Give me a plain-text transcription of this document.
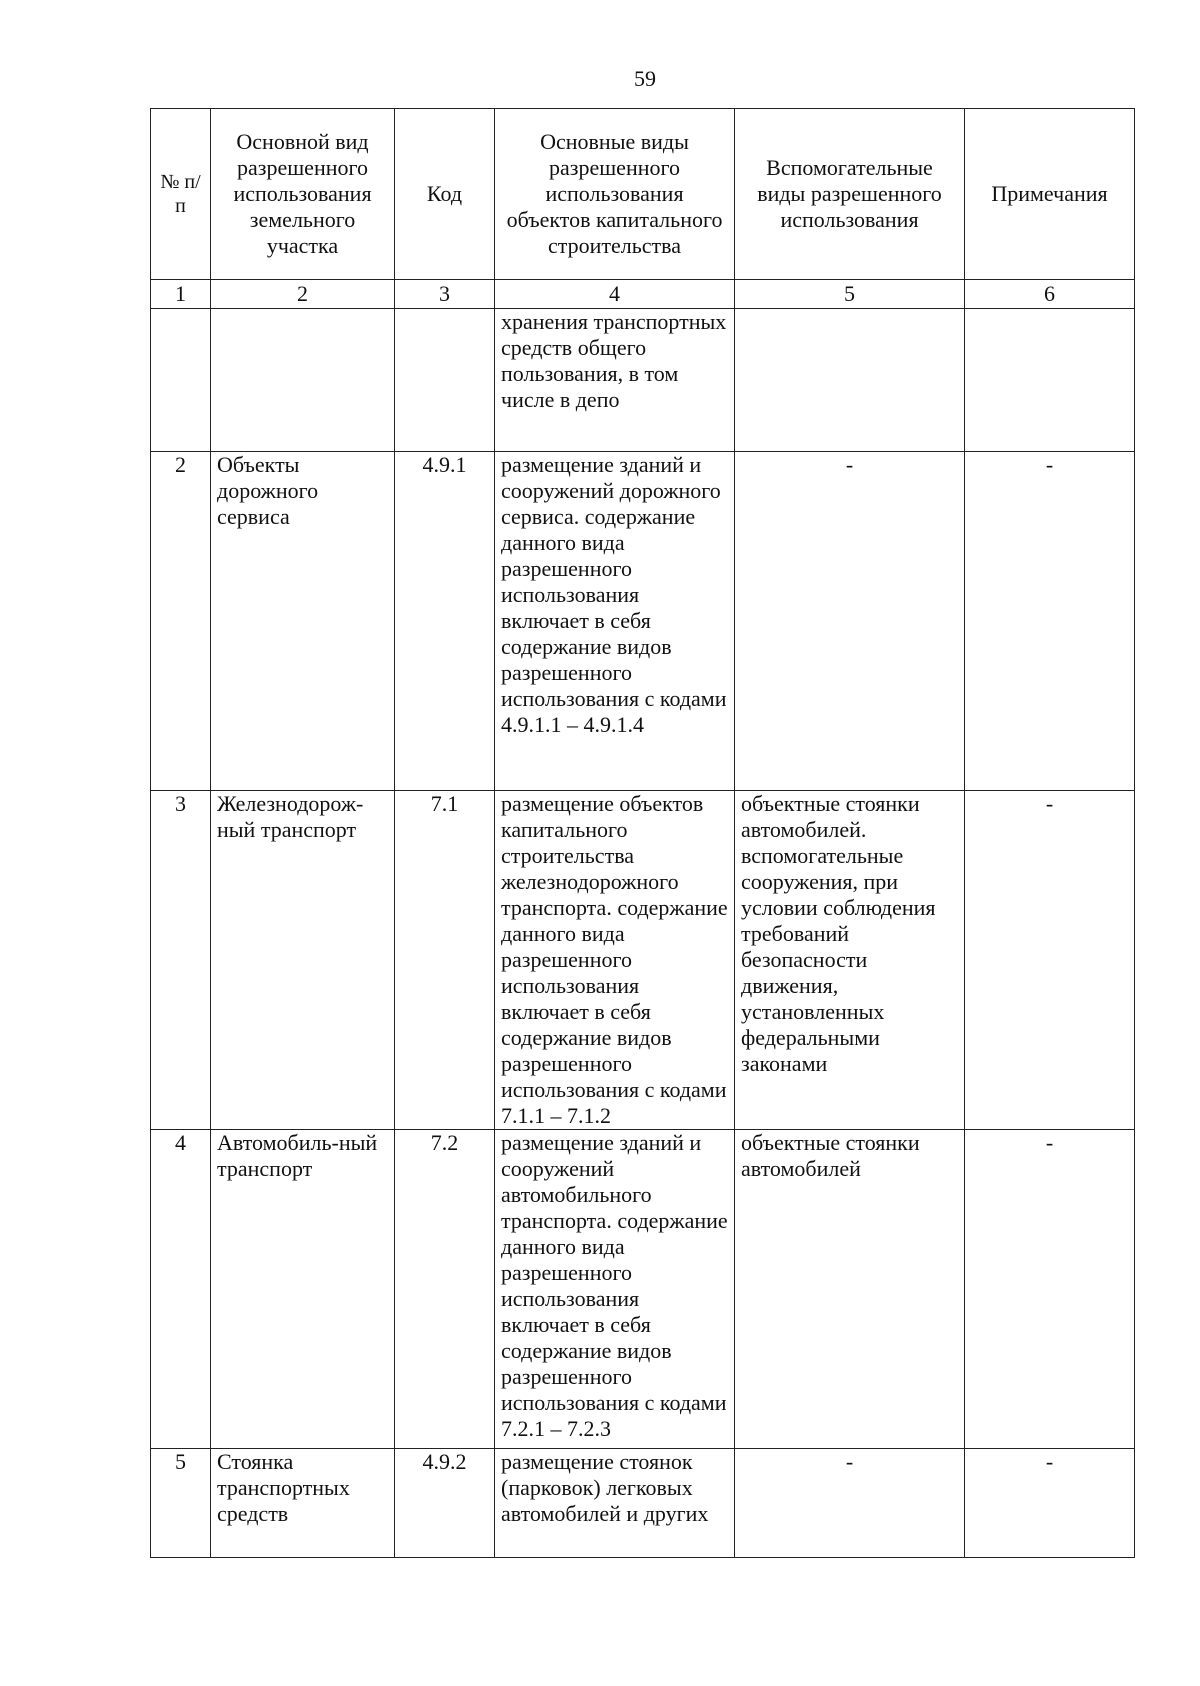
59
№ п/п	Основной вид разрешенного использования земельного участка	Код	Основные виды разрешенного использования объектов капитального строительства	Вспомогательные виды разрешенного использования	Примечания
1	2	3	4	5	6
			хранения транспортных средств общего пользования, в том числе в депо		
2	Объекты дорожного сервиса	4.9.1	размещение зданий и сооружений дорожного сервиса. содержание данного вида разрешенного использования включает в себя содержание видов разрешенного использования с кодами 4.9.1.1 – 4.9.1.4	-	-
3	Железнодорож-ный транспорт	7.1	размещение объектов капитального строительства железнодорожного транспорта. содержание данного вида разрешенного использования включает в себя содержание видов разрешенного использования с кодами 7.1.1 – 7.1.2	объектные стоянки автомобилей. вспомогательные сооружения, при условии соблюдения требований безопасности движения, установленных федеральными законами	-
4	Автомобиль-ный транспорт	7.2	размещение зданий и сооружений автомобильного транспорта. содержание данного вида разрешенного использования включает в себя содержание видов разрешенного использования с кодами 7.2.1 – 7.2.3	объектные стоянки автомобилей	-
5	Стоянка транспортных средств	4.9.2	размещение стоянок (парковок) легковых автомобилей и других	-	-
